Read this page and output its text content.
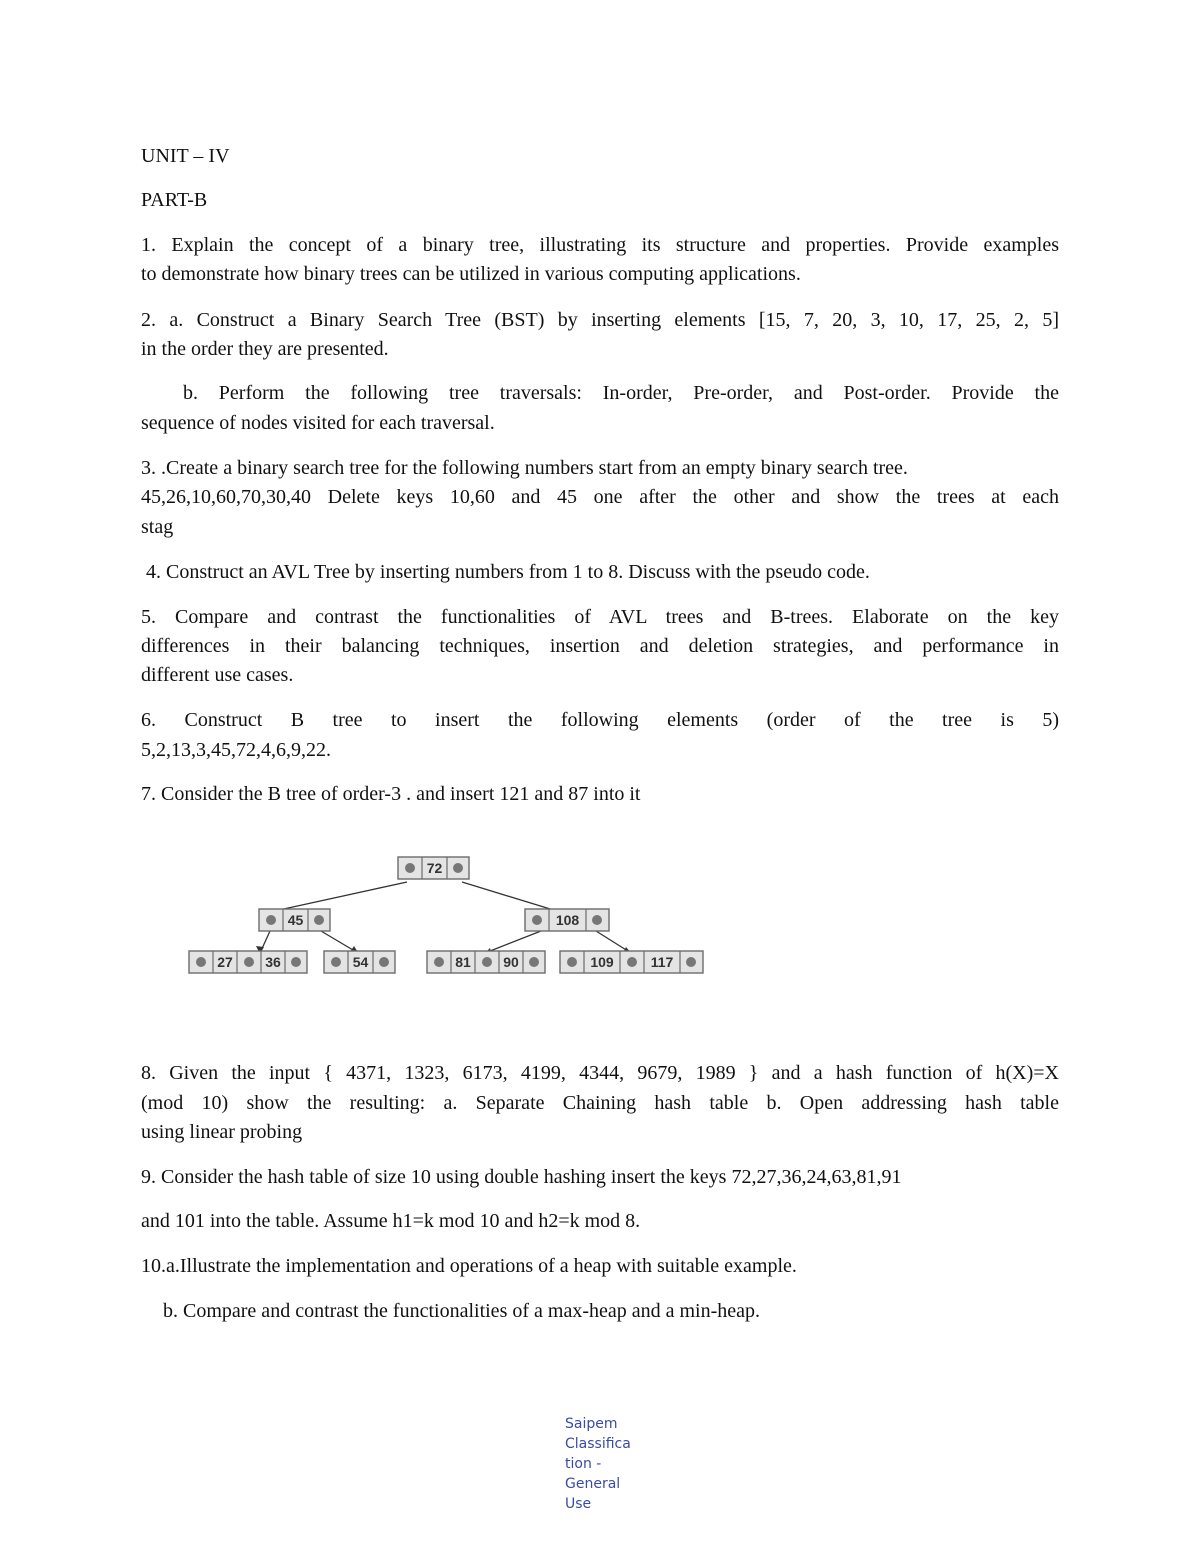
UNIT – IV
PART-B
1. Explain the concept of a binary tree, illustrating its structure and properties. Provide examples
to demonstrate how binary trees can be utilized in various computing applications.
2. a. Construct a Binary Search Tree (BST) by inserting elements [15, 7, 20, 3, 10, 17, 25, 2, 5]
in the order they are presented.
b. Perform the following tree traversals: In-order, Pre-order, and Post-order. Provide the
sequence of nodes visited for each traversal.
3. .Create a binary search tree for the following numbers start from an empty binary search tree.
45,26,10,60,70,30,40 Delete keys 10,60 and 45 one after the other and show the trees at each
stag
4. Construct an AVL Tree by inserting numbers from 1 to 8. Discuss with the pseudo code.
5. Compare and contrast the functionalities of AVL trees and B-trees. Elaborate on the key
differences in their balancing techniques, insertion and deletion strategies, and performance in
different use cases.
6. Construct B tree to insert the following elements (order of the tree is 5)
5,2,13,3,45,72,4,6,9,22.
7. Consider the B tree of order-3 . and insert 121 and 87 into it
72
45	108
27 36	54	81 90	109	117
8. Given the input { 4371, 1323, 6173, 4199, 4344, 9679, 1989 } and a hash function of h(X)=X
(mod 10) show the resulting: a. Separate Chaining hash table b. Open addressing hash table
using linear probing
9. Consider the hash table of size 10 using double hashing insert the keys 72,27,36,24,63,81,91
and 101 into the table. Assume h1=k mod 10 and h2=k mod 8.
10.a.Illustrate the implementation and operations of a heap with suitable example.
b. Compare and contrast the functionalities of a max-heap and a min-heap.
Saipem
Classifica
tion -
General
Use
